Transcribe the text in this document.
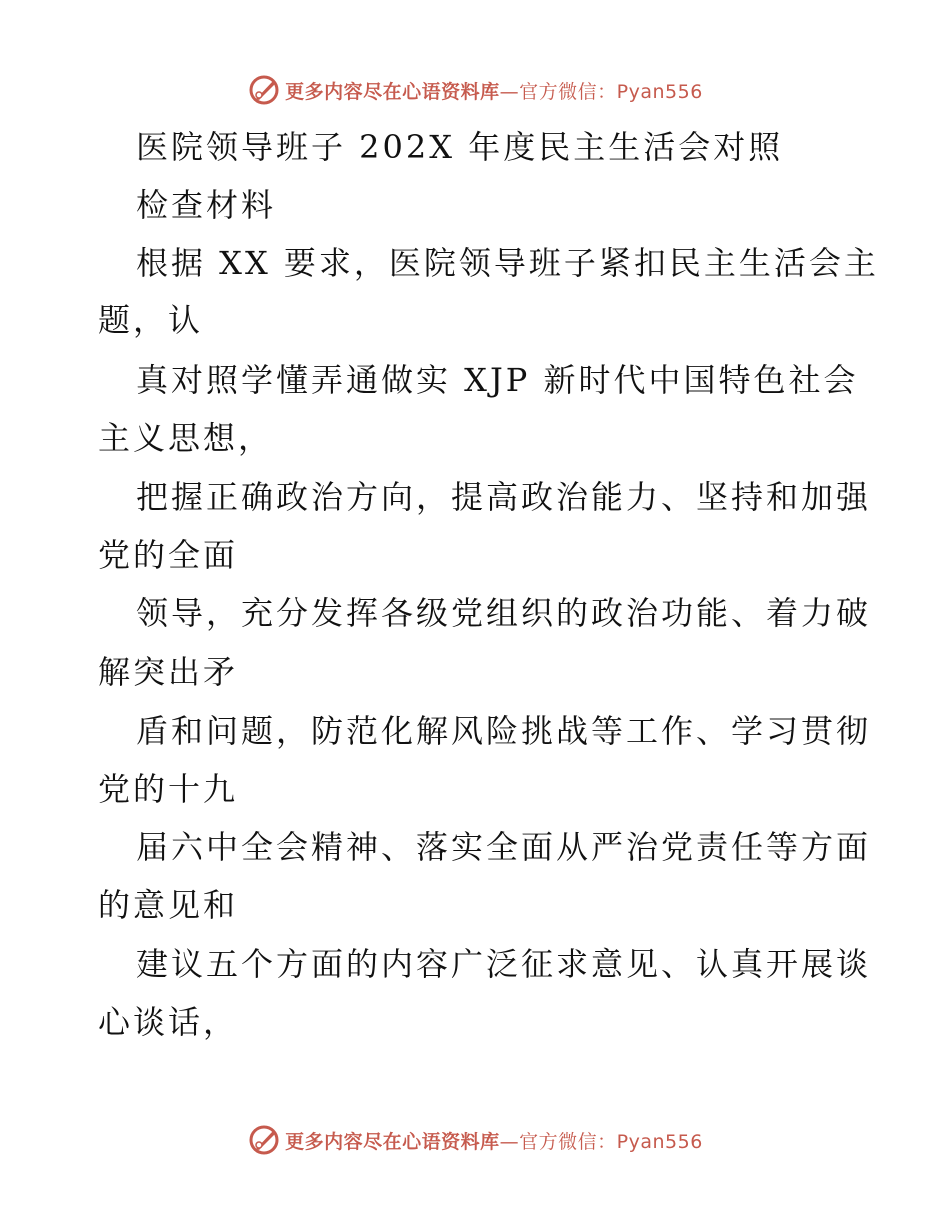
更多内容尽在心语资料库—官方微信：Pyan556
医院领导班子 202X 年度民主生活会对照
检查材料
根据 XX 要求，医院领导班子紧扣民主生活会主
题，认
真对照学懂弄通做实 XJP 新时代中国特色社会
主义思想，
把握正确政治方向，提高政治能力、坚持和加强
党的全面
领导，充分发挥各级党组织的政治功能、着力破
解突出矛
盾和问题，防范化解风险挑战等工作、学习贯彻
党的十九
届六中全会精神、落实全面从严治党责任等方面
的意见和
建议五个方面的内容广泛征求意见、认真开展谈
心谈话，
更多内容尽在心语资料库—官方微信：Pyan556
